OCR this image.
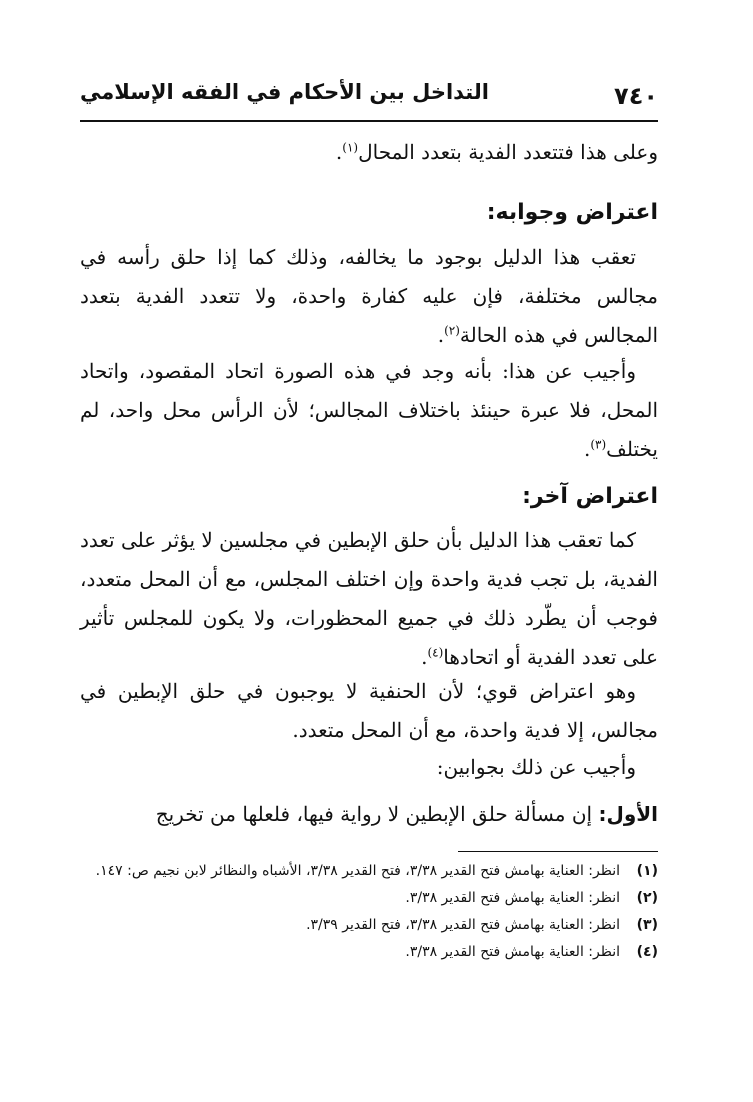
٧٤٠
التداخل بين الأحكام في الفقه الإسلامي

وعلى هذا فتتعدد الفدية بتعدد المحال$^{(١)}$.

اعتراض وجوابه:

تعقب هذا الدليل بوجود ما يخالفه، وذلك كما إذا حلق رأسه في مجالس مختلفة، فإن عليه كفارة واحدة، ولا تتعدد الفدية بتعدد المجالس في هذه الحالة$^{(٢)}$.

وأجيب عن هذا: بأنه وجد في هذه الصورة اتحاد المقصود، واتحاد المحل، فلا عبرة حينئذ باختلاف المجالس؛ لأن الرأس محل واحد، لم يختلف$^{(٣)}$.

اعتراض آخر:

كما تعقب هذا الدليل بأن حلق الإبطين في مجلسين لا يؤثر على تعدد الفدية، بل تجب فدية واحدة وإن اختلف المجلس، مع أن المحل متعدد، فوجب أن يطّرد ذلك في جميع المحظورات، ولا يكون للمجلس تأثير على تعدد الفدية أو اتحادها$^{(٤)}$.

وهو اعتراض قوي؛ لأن الحنفية لا يوجبون في حلق الإبطين في مجالس، إلا فدية واحدة، مع أن المحل متعدد.

وأجيب عن ذلك بجوابين:

الأول: إن مسألة حلق الإبطين لا رواية فيها، فلعلها من تخريج

(١)
انظر: العناية بهامش فتح القدير ٣/٣٨، فتح القدير ٣/٣٨، الأشباه والنظائر لابن نجيم ص: ١٤٧.
(٢)
انظر: العناية بهامش فتح القدير ٣/٣٨.
(٣)
انظر: العناية بهامش فتح القدير ٣/٣٨، فتح القدير ٣/٣٩.
(٤)
انظر: العناية بهامش فتح القدير ٣/٣٨.
